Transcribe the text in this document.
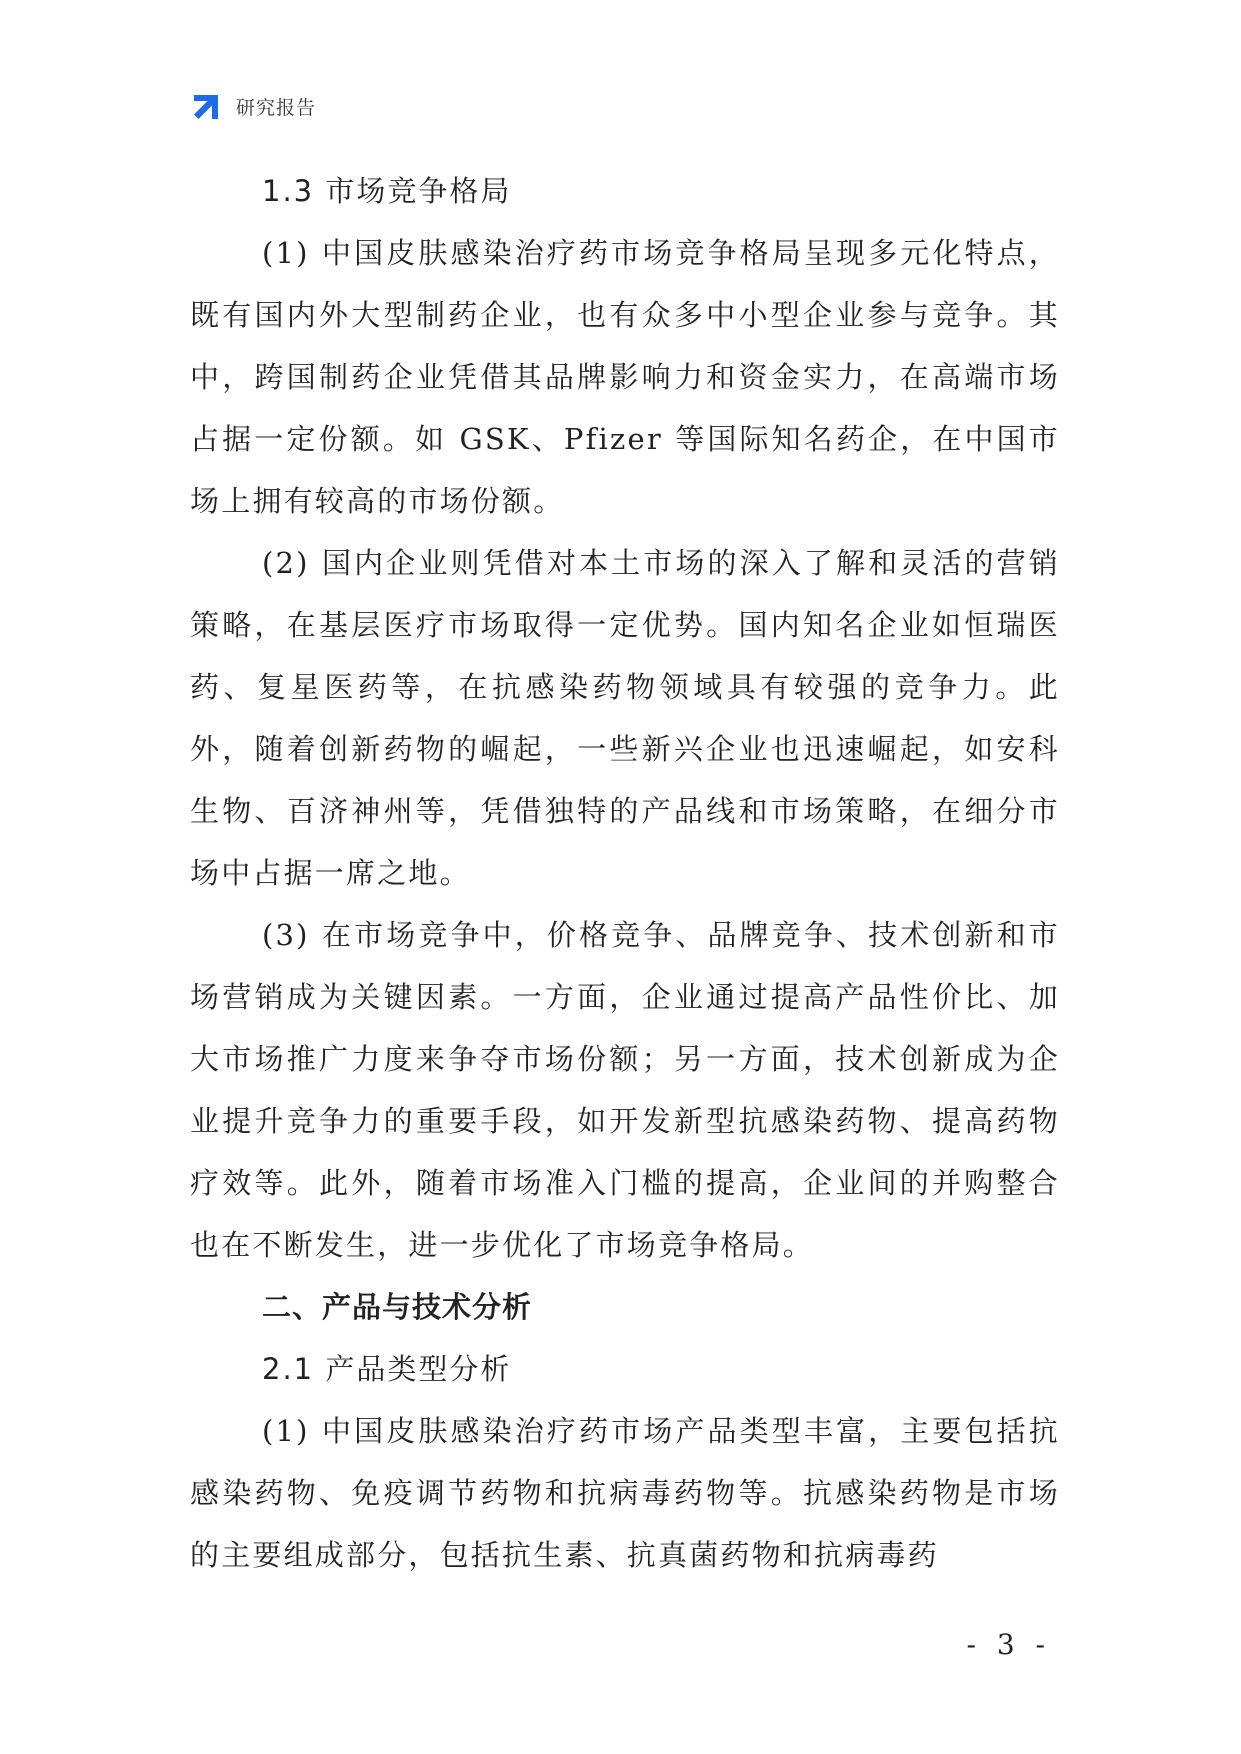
研究报告
1.3 市场竞争格局

(1) 中国皮肤感染治疗药市场竞争格局呈现多元化特点，既有国内外大型制药企业，也有众多中小型企业参与竞争。其中，跨国制药企业凭借其品牌影响力和资金实力，在高端市场占据一定份额。如 GSK、Pfizer 等国际知名药企，在中国市场上拥有较高的市场份额。

(2) 国内企业则凭借对本土市场的深入了解和灵活的营销策略，在基层医疗市场取得一定优势。国内知名企业如恒瑞医药、复星医药等，在抗感染药物领域具有较强的竞争力。此外，随着创新药物的崛起，一些新兴企业也迅速崛起，如安科生物、百济神州等，凭借独特的产品线和市场策略，在细分市场中占据一席之地。

(3) 在市场竞争中，价格竞争、品牌竞争、技术创新和市场营销成为关键因素。一方面，企业通过提高产品性价比、加大市场推广力度来争夺市场份额；另一方面，技术创新成为企业提升竞争力的重要手段，如开发新型抗感染药物、提高药物疗效等。此外，随着市场准入门槛的提高，企业间的并购整合也在不断发生，进一步优化了市场竞争格局。

二、产品与技术分析
2.1 产品类型分析

(1) 中国皮肤感染治疗药市场产品类型丰富，主要包括抗感染药物、免疫调节药物和抗病毒药物等。抗感染药物是市场的主要组成部分，包括抗生素、抗真菌药物和抗病毒药

- 3 -
